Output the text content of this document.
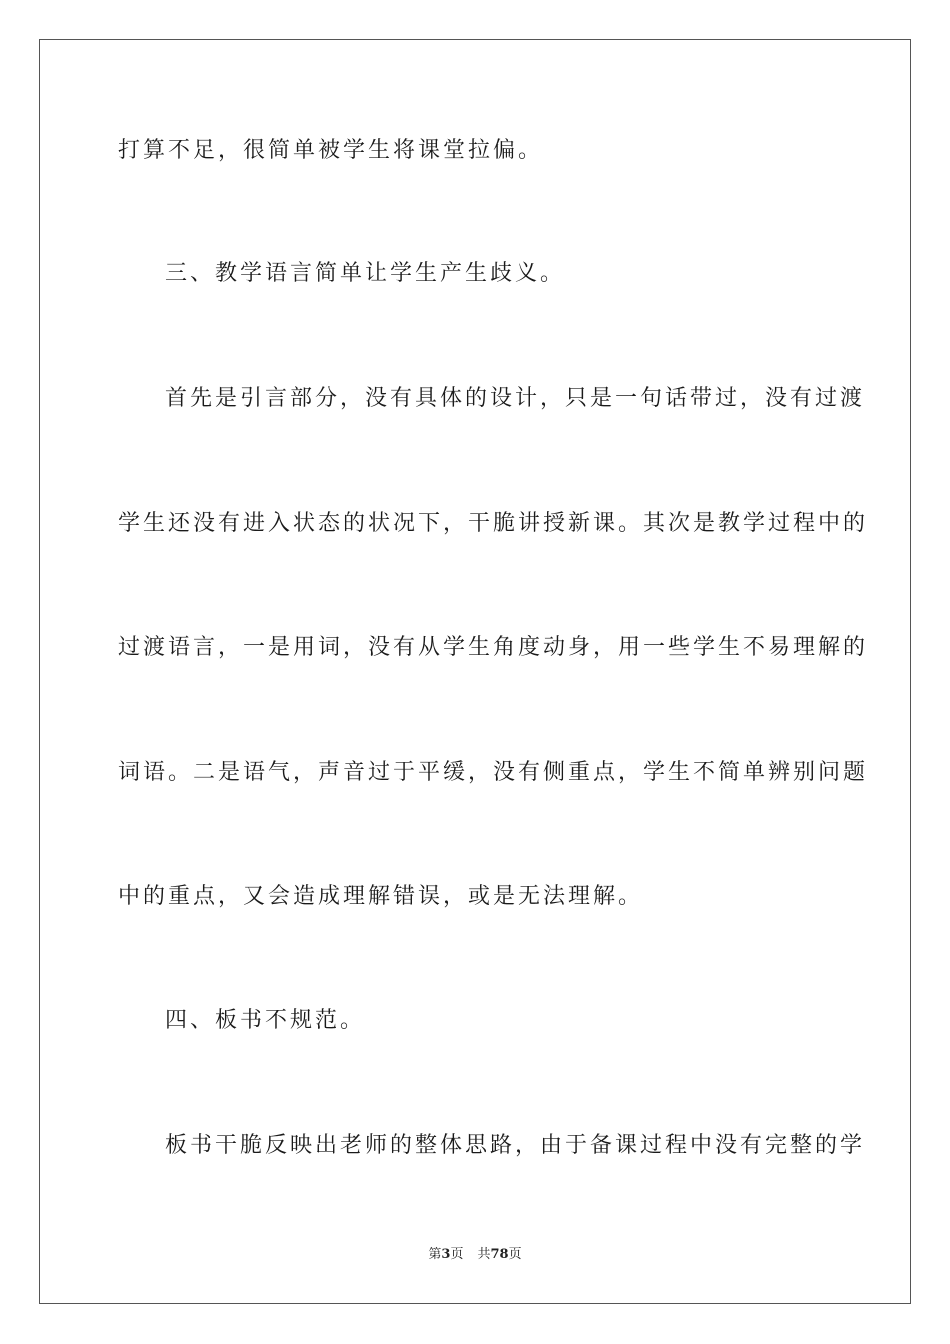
打算不足，很简单被学生将课堂拉偏。
三、教学语言简单让学生产生歧义。
首先是引言部分，没有具体的设计，只是一句话带过，没有过渡
学生还没有进入状态的状况下，干脆讲授新课。其次是教学过程中的
过渡语言，一是用词，没有从学生角度动身，用一些学生不易理解的
词语。二是语气，声音过于平缓，没有侧重点，学生不简单辨别问题
中的重点，又会造成理解错误，或是无法理解。
四、板书不规范。
板书干脆反映出老师的整体思路，由于备课过程中没有完整的学
第3页 共78页
